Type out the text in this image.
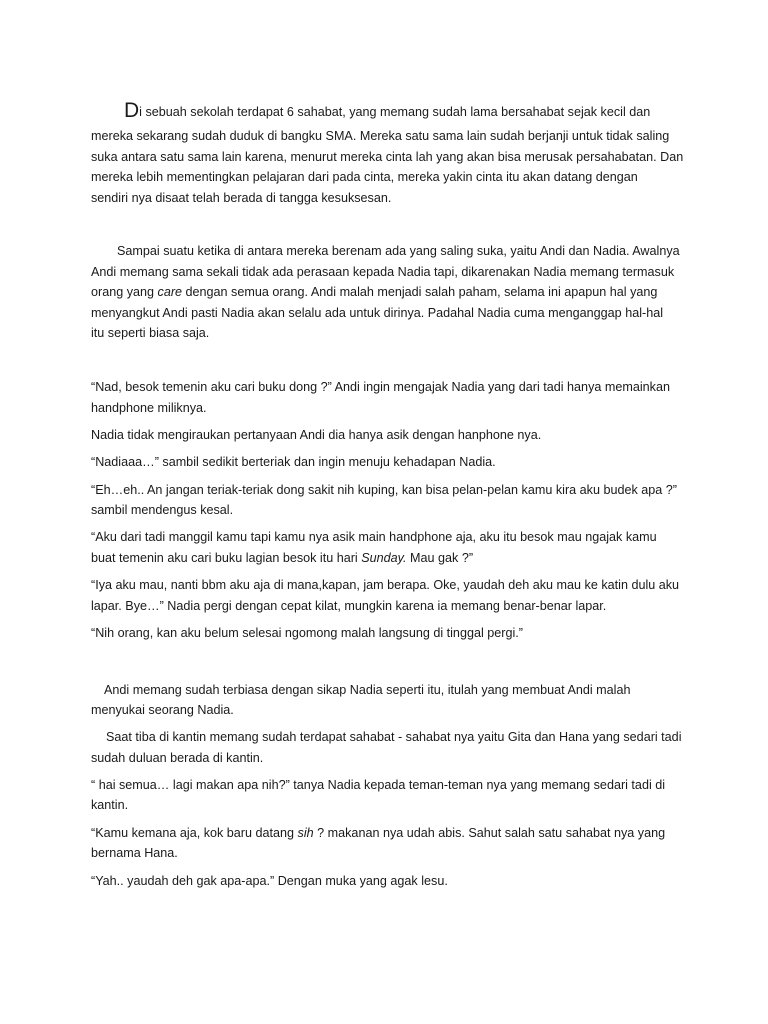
Di sebuah sekolah terdapat 6 sahabat, yang memang sudah lama bersahabat sejak kecil dan
mereka sekarang sudah duduk di bangku SMA. Mereka satu sama lain sudah berjanji untuk tidak saling
suka antara satu sama lain karena, menurut mereka cinta lah yang akan bisa merusak persahabatan. Dan
mereka lebih mementingkan pelajaran dari pada cinta, mereka yakin cinta itu akan datang dengan
sendiri nya disaat telah berada di tangga kesuksesan.
Sampai suatu ketika di antara mereka berenam ada yang saling suka, yaitu Andi dan Nadia. Awalnya
Andi memang sama sekali tidak ada perasaan kepada Nadia tapi, dikarenakan Nadia memang termasuk
orang yang care dengan semua orang. Andi malah menjadi salah paham, selama ini apapun hal yang
menyangkut Andi pasti Nadia akan selalu ada untuk dirinya. Padahal Nadia cuma menganggap hal-hal
itu seperti biasa saja.
“Nad, besok temenin aku cari buku dong ?” Andi ingin mengajak Nadia yang dari tadi hanya memainkan
handphone miliknya.
Nadia tidak mengiraukan pertanyaan Andi dia hanya asik dengan hanphone nya.
“Nadiaaa…” sambil sedikit berteriak dan ingin menuju kehadapan Nadia.
“Eh…eh.. An jangan teriak-teriak dong sakit nih kuping, kan bisa pelan-pelan kamu kira aku budek apa ?”
sambil mendengus kesal.
“Aku dari tadi manggil kamu tapi kamu nya asik main handphone aja, aku itu besok mau ngajak kamu
buat temenin aku cari buku lagian besok itu hari Sunday. Mau gak ?”
“Iya aku mau, nanti bbm aku aja di mana,kapan, jam berapa. Oke, yaudah deh aku mau ke katin dulu aku
lapar. Bye…” Nadia pergi dengan cepat kilat, mungkin karena ia memang benar-benar lapar.
“Nih orang, kan aku belum selesai ngomong malah langsung di tinggal pergi.”
Andi memang sudah terbiasa dengan sikap Nadia seperti itu, itulah yang membuat Andi malah
menyukai seorang Nadia.
Saat tiba di kantin memang sudah terdapat sahabat - sahabat nya yaitu Gita dan Hana yang sedari tadi
sudah duluan berada di kantin.
“ hai semua… lagi makan apa nih?” tanya Nadia kepada teman-teman nya yang memang sedari tadi di
kantin.
“Kamu kemana aja, kok baru datang sih ? makanan nya udah abis. Sahut salah satu sahabat nya yang
bernama Hana.
“Yah.. yaudah deh gak apa-apa.” Dengan muka yang agak lesu.
